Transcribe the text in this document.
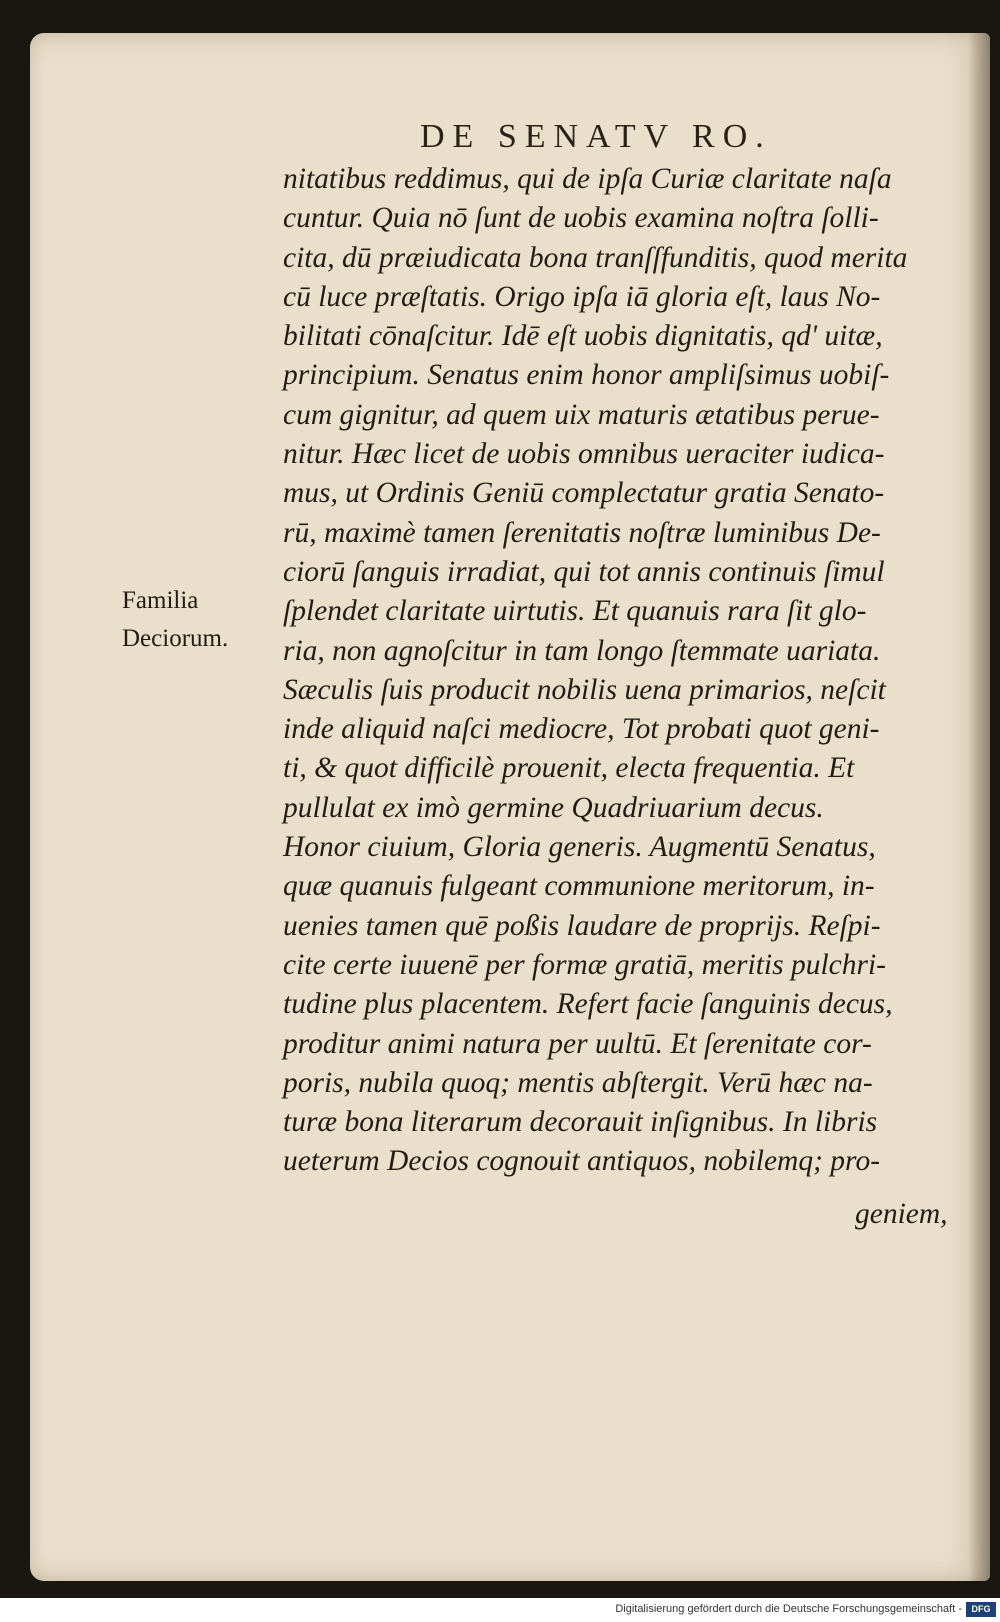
DE SENATV RO.
Familia
Deciorum.
nitatibus reddimus, qui de ipſa Curiæ claritate naſa
cuntur. Quia nō ſunt de uobis examina noſtra ſolli-
cita, dū præiudicata bona tranſſfunditis, quod merita
cū luce præſtatis. Origo ipſa iā gloria eſt, laus No-
bilitati cōnaſcitur. Idē eſt uobis dignitatis, qd' uitæ,
principium. Senatus enim honor ampliſsimus uobiſ-
cum gignitur, ad quem uix maturis ætatibus perue-
nitur. Hæc licet de uobis omnibus ueraciter iudica-
mus, ut Ordinis Geniū complectatur gratia Senato-
rū, maximè tamen ſerenitatis noſtræ luminibus De-
ciorū ſanguis irradiat, qui tot annis continuis ſimul
ſplendet claritate uirtutis. Et quanuis rara ſit glo-
ria, non agnoſcitur in tam longo ſtemmate uariata.
Sæculis ſuis producit nobilis uena primarios, neſcit
inde aliquid naſci mediocre, Tot probati quot geni-
ti, & quot difficilè prouenit, electa frequentia. Et
pullulat ex imò germine Quadriuarium decus.
Honor ciuium, Gloria generis. Augmentū Senatus,
quæ quanuis fulgeant communione meritorum, in-
uenies tamen quē poßis laudare de proprijs. Reſpi-
cite certe iuuenē per formæ gratiā, meritis pulchri-
tudine plus placentem. Refert facie ſanguinis decus,
proditur animi natura per uultū. Et ſerenitate cor-
poris, nubila quoq; mentis abſtergit. Verū hæc na-
turæ bona literarum decorauit inſignibus. In libris
ueterum Decios cognouit antiquos, nobilemq; pro-
geniem,
Digitalisierung gefördert durch die Deutsche Forschungsgemeinschaft -	DFG
